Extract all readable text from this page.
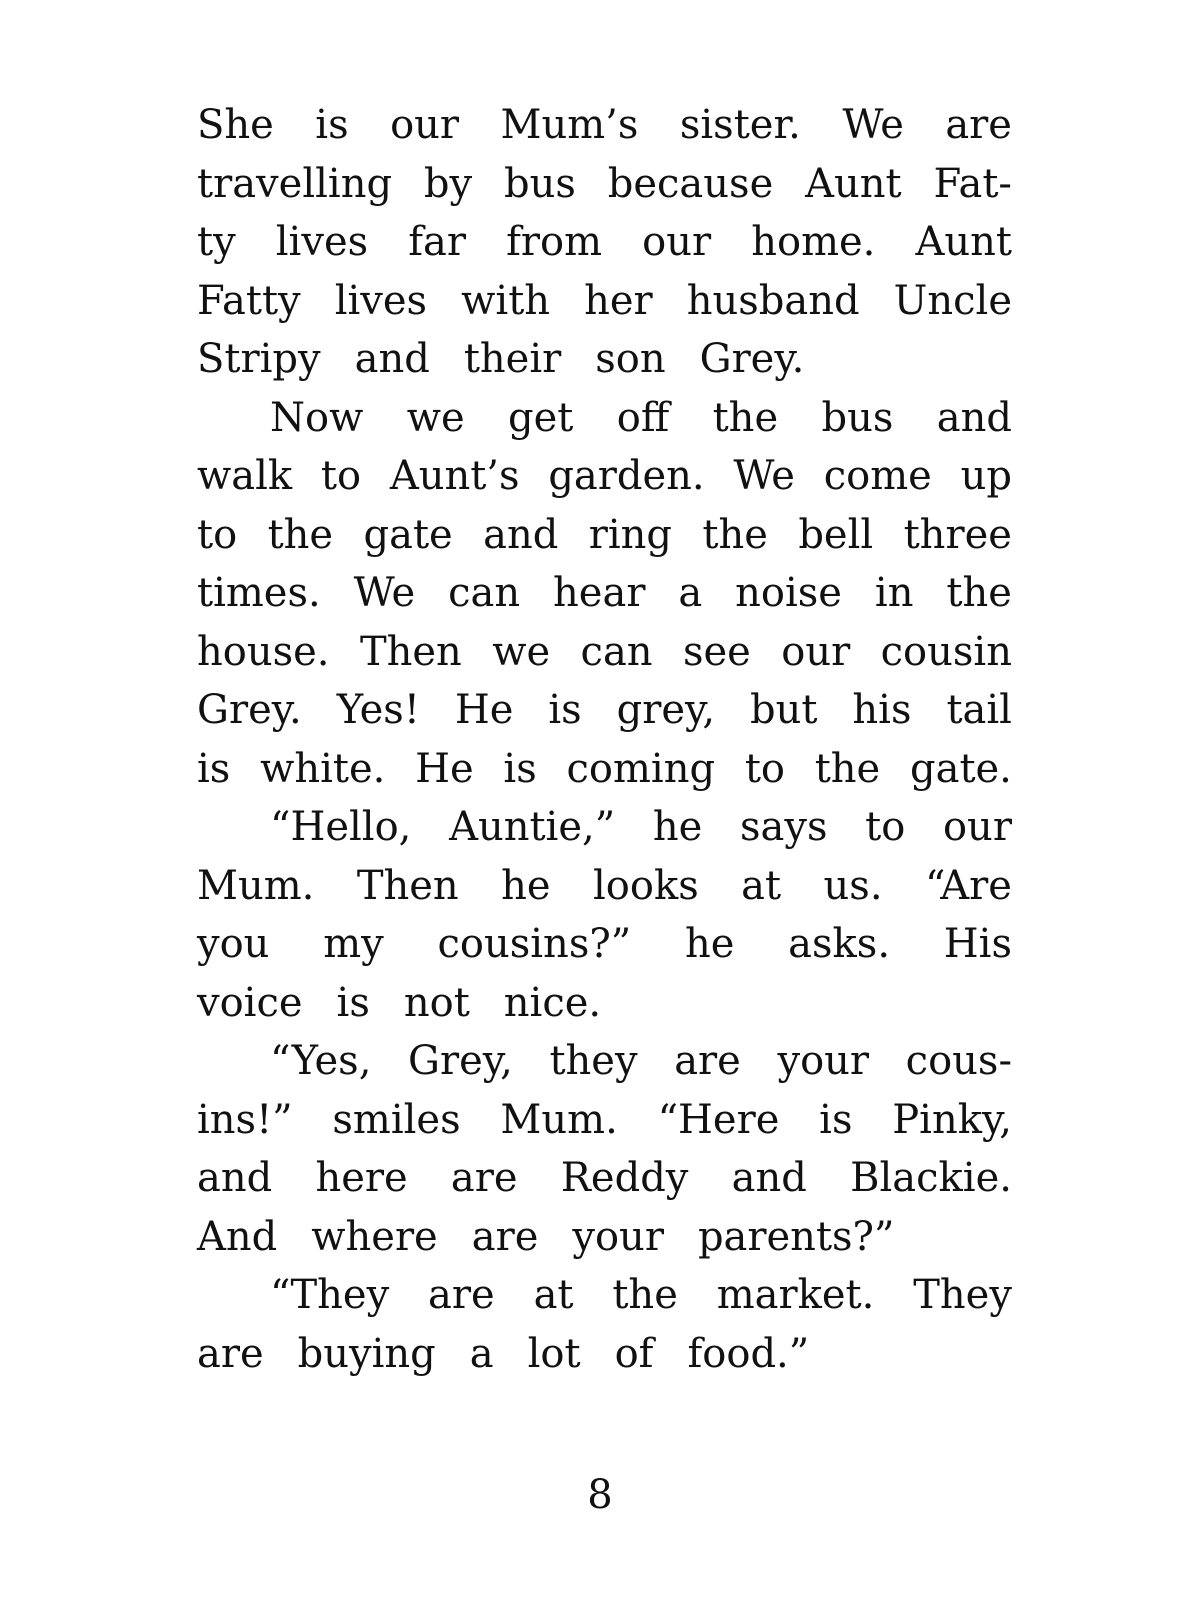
She is our Mum’s sister. We are
travelling by bus because Aunt Fat-
ty lives far from our home. Aunt
Fatty lives with her husband Uncle
Stripy and their son Grey.
Now we get off the bus and
walk to Aunt’s garden. We come up
to the gate and ring the bell three
times. We can hear a noise in the
house. Then we can see our cousin
Grey. Yes! He is grey, but his tail
is white. He is coming to the gate.
“Hello, Auntie,” he says to our
Mum. Then he looks at us. “Are
you my cousins?” he asks. His
voice is not nice.
“Yes, Grey, they are your cous-
ins!” smiles Mum. “Here is Pinky,
and here are Reddy and Blackie.
And where are your parents?”
“They are at the market. They
are buying a lot of food.”
8
